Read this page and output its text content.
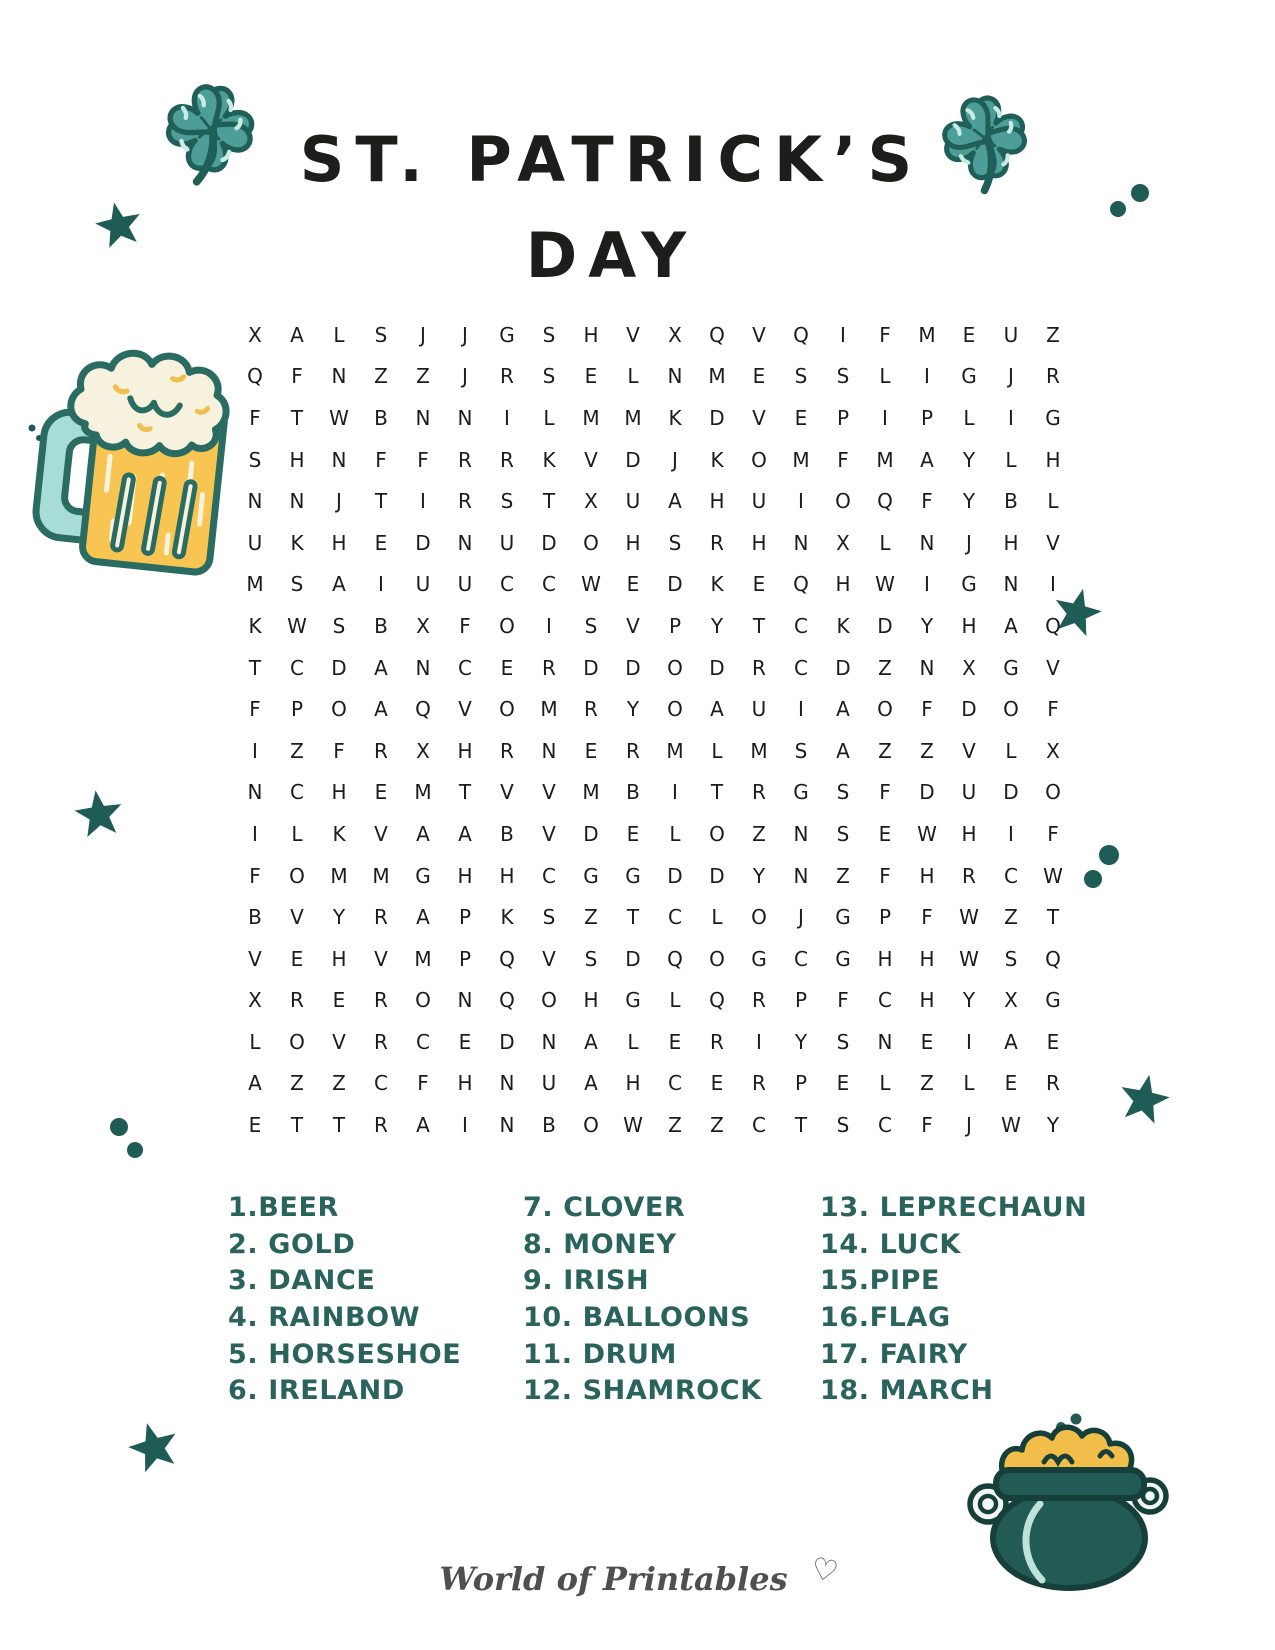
ST. PATRICK’S
DAY
X	A	L	S	J	J	G	S	H	V	X	Q	V	Q	I	F	M	E	U	Z
Q	F	N	Z	Z	J	R	S	E	L	N	M	E	S	S	L	I	G	J	R
F	T	W	B	N	N	I	L	M	M	K	D	V	E	P	I	P	L	I	G
S	H	N	F	F	R	R	K	V	D	J	K	O	M	F	M	A	Y	L	H
N	N	J	T	I	R	S	T	X	U	A	H	U	I	O	Q	F	Y	B	L
U	K	H	E	D	N	U	D	O	H	S	R	H	N	X	L	N	J	H	V
M	S	A	I	U	U	C	C	W	E	D	K	E	Q	H	W	I	G	N	I
K	W	S	B	X	F	O	I	S	V	P	Y	T	C	K	D	Y	H	A	Q
T	C	D	A	N	C	E	R	D	D	O	D	R	C	D	Z	N	X	G	V
F	P	O	A	Q	V	O	M	R	Y	O	A	U	I	A	O	F	D	O	F
I	Z	F	R	X	H	R	N	E	R	M	L	M	S	A	Z	Z	V	L	X
N	C	H	E	M	T	V	V	M	B	I	T	R	G	S	F	D	U	D	O
I	L	K	V	A	A	B	V	D	E	L	O	Z	N	S	E	W	H	I	F
F	O	M	M	G	H	H	C	G	G	D	D	Y	N	Z	F	H	R	C	W
B	V	Y	R	A	P	K	S	Z	T	C	L	O	J	G	P	F	W	Z	T
V	E	H	V	M	P	Q	V	S	D	Q	O	G	C	G	H	H	W	S	Q
X	R	E	R	O	N	Q	O	H	G	L	Q	R	P	F	C	H	Y	X	G
L	O	V	R	C	E	D	N	A	L	E	R	I	Y	S	N	E	I	A	E
A	Z	Z	C	F	H	N	U	A	H	C	E	R	P	E	L	Z	L	E	R
E	T	T	R	A	I	N	B	O	W	Z	Z	C	T	S	C	F	J	W	Y
1.BEER
2. GOLD
3. DANCE
4. RAINBOW
5. HORSESHOE
6. IRELAND
7. CLOVER
8. MONEY
9. IRISH
10. BALLOONS
11. DRUM
12. SHAMROCK
13. LEPRECHAUN
14. LUCK
15.PIPE
16.FLAG
17. FAIRY
18. MARCH
World of Printables ♡
